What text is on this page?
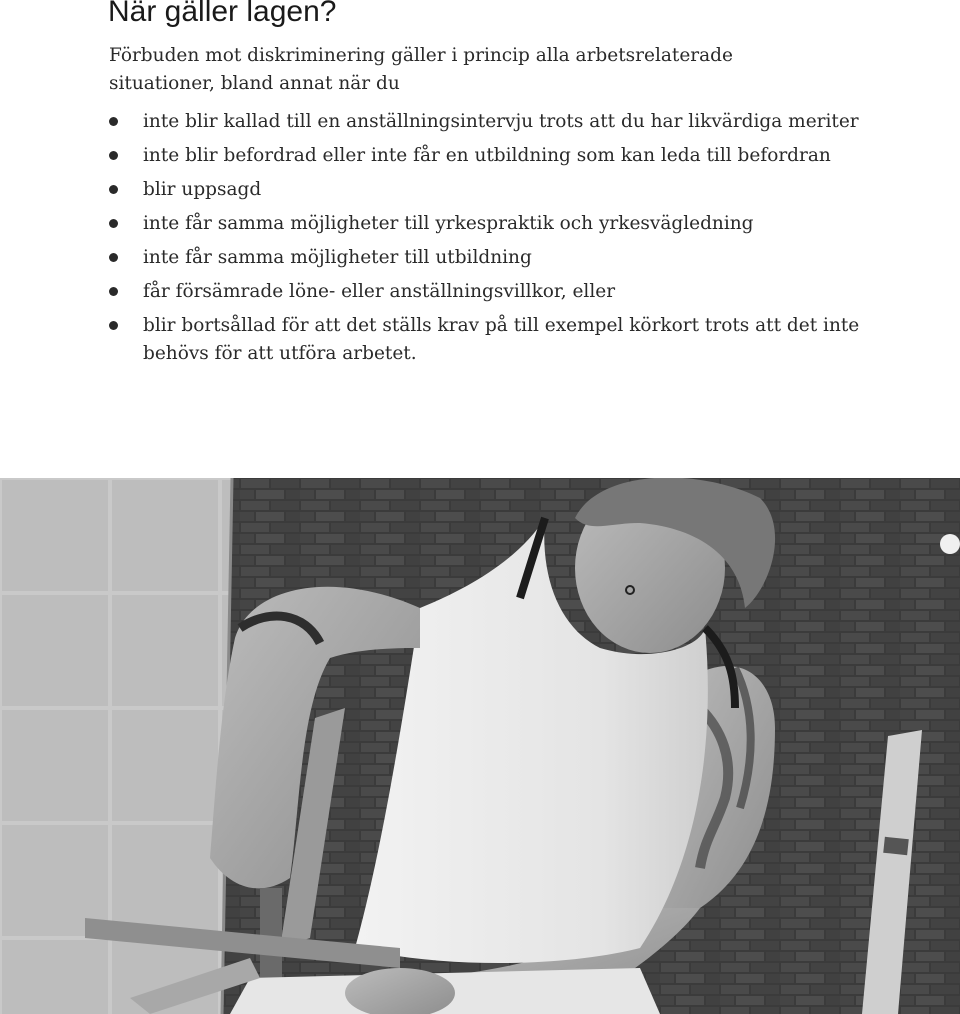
När gäller lagen?

Förbuden mot diskriminering gäller i princip alla arbetsrelaterade situationer, bland annat när du

inte blir kallad till en anställningsintervju trots att du har likvärdiga meriter
inte blir befordrad eller inte får en utbildning som kan leda till befordran
blir uppsagd
inte får samma möjligheter till yrkespraktik och yrkesvägledning
inte får samma möjligheter till utbildning
får försämrade löne- eller anställningsvillkor, eller
blir bortsållad för att det ställs krav på till exempel körkort trots att det inte behövs för att utföra arbetet.
